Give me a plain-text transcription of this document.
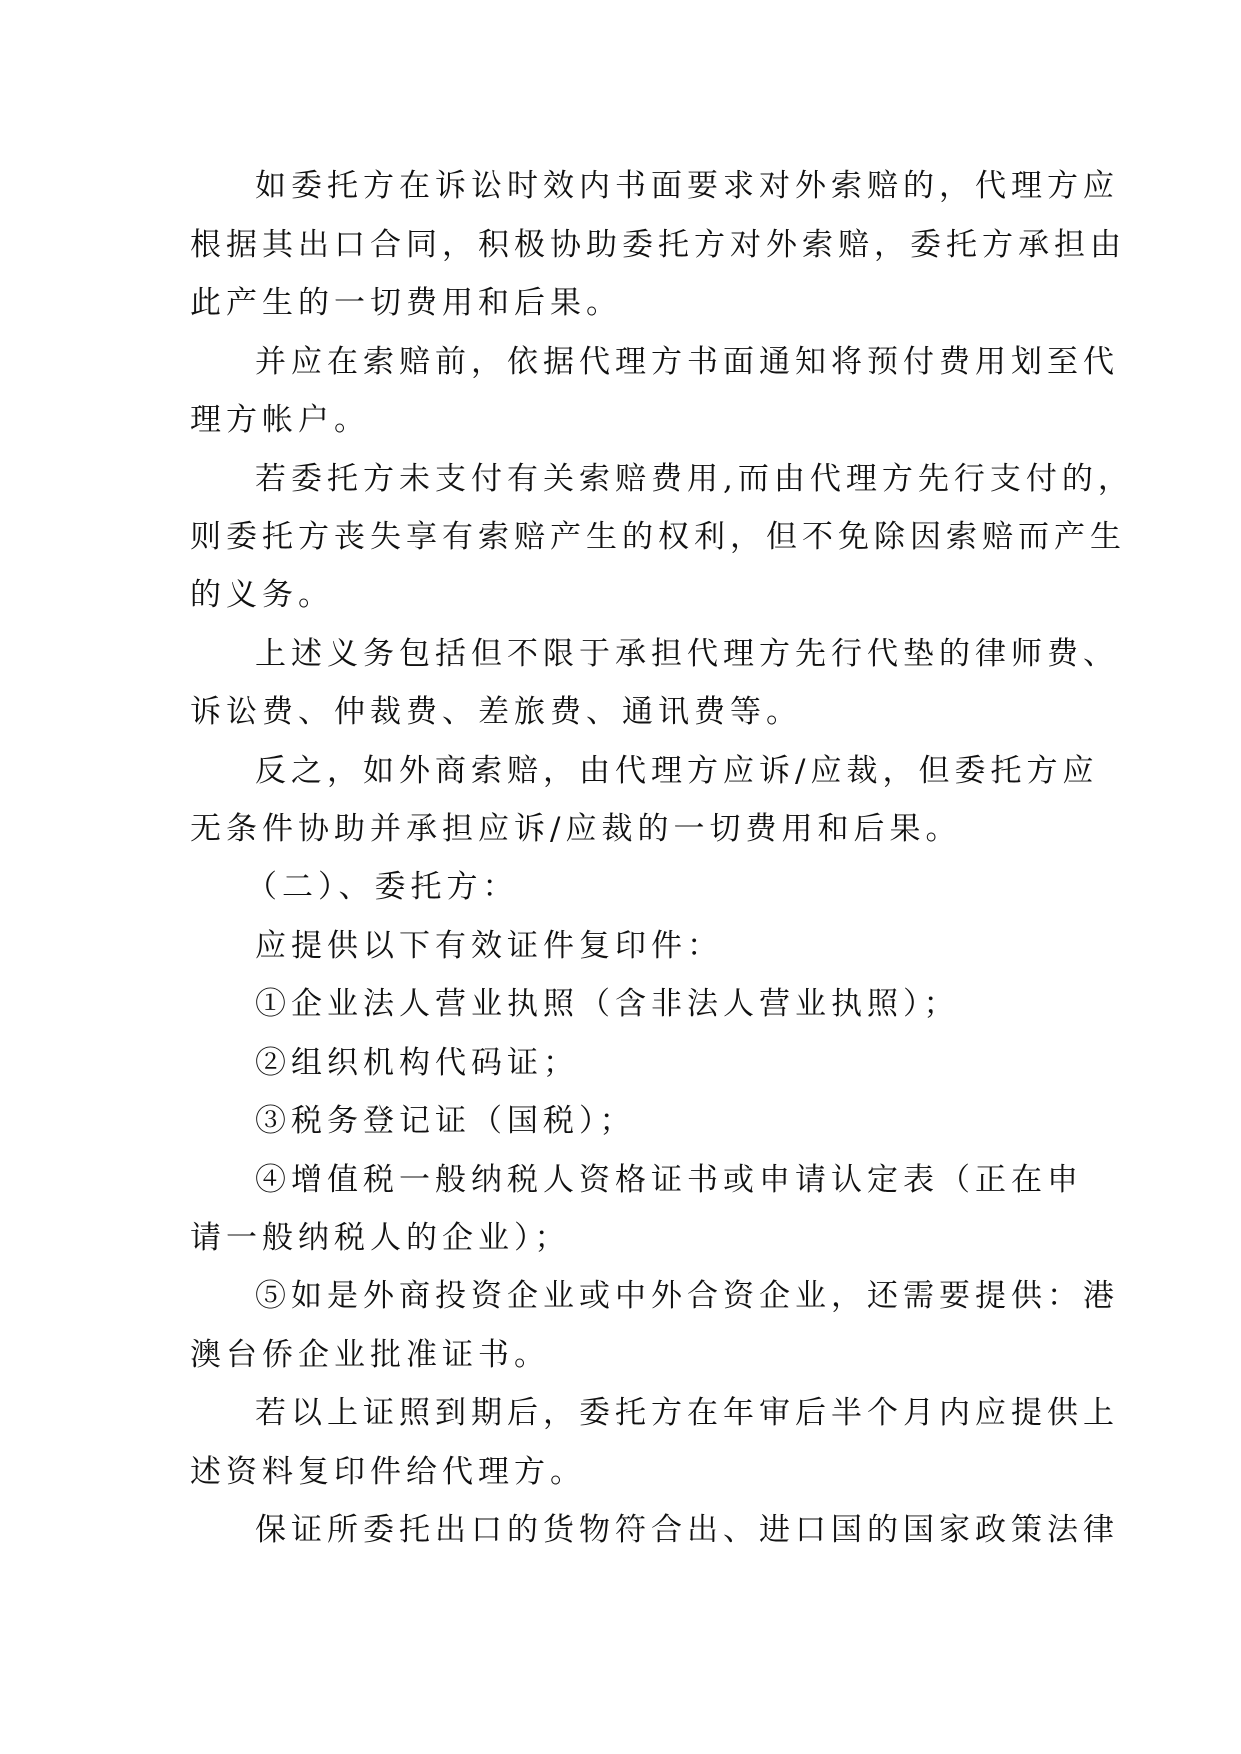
如委托方在诉讼时效内书面要求对外索赔的，代理方应
根据其出口合同，积极协助委托方对外索赔，委托方承担由
此产生的一切费用和后果。
并应在索赔前，依据代理方书面通知将预付费用划至代
理方帐户。
若委托方未支付有关索赔费用,而由代理方先行支付的，
则委托方丧失享有索赔产生的权利，但不免除因索赔而产生
的义务。
上述义务包括但不限于承担代理方先行代垫的律师费、
诉讼费、仲裁费、差旅费、通讯费等。
反之，如外商索赔，由代理方应诉/应裁，但委托方应
无条件协助并承担应诉/应裁的一切费用和后果。
（二）、委托方：
应提供以下有效证件复印件：
①企业法人营业执照（含非法人营业执照）；
②组织机构代码证；
③税务登记证（国税）；
④增值税一般纳税人资格证书或申请认定表（正在申
请一般纳税人的企业）；
⑤如是外商投资企业或中外合资企业，还需要提供：港
澳台侨企业批准证书。
若以上证照到期后，委托方在年审后半个月内应提供上
述资料复印件给代理方。
保证所委托出口的货物符合出、进口国的国家政策法律
